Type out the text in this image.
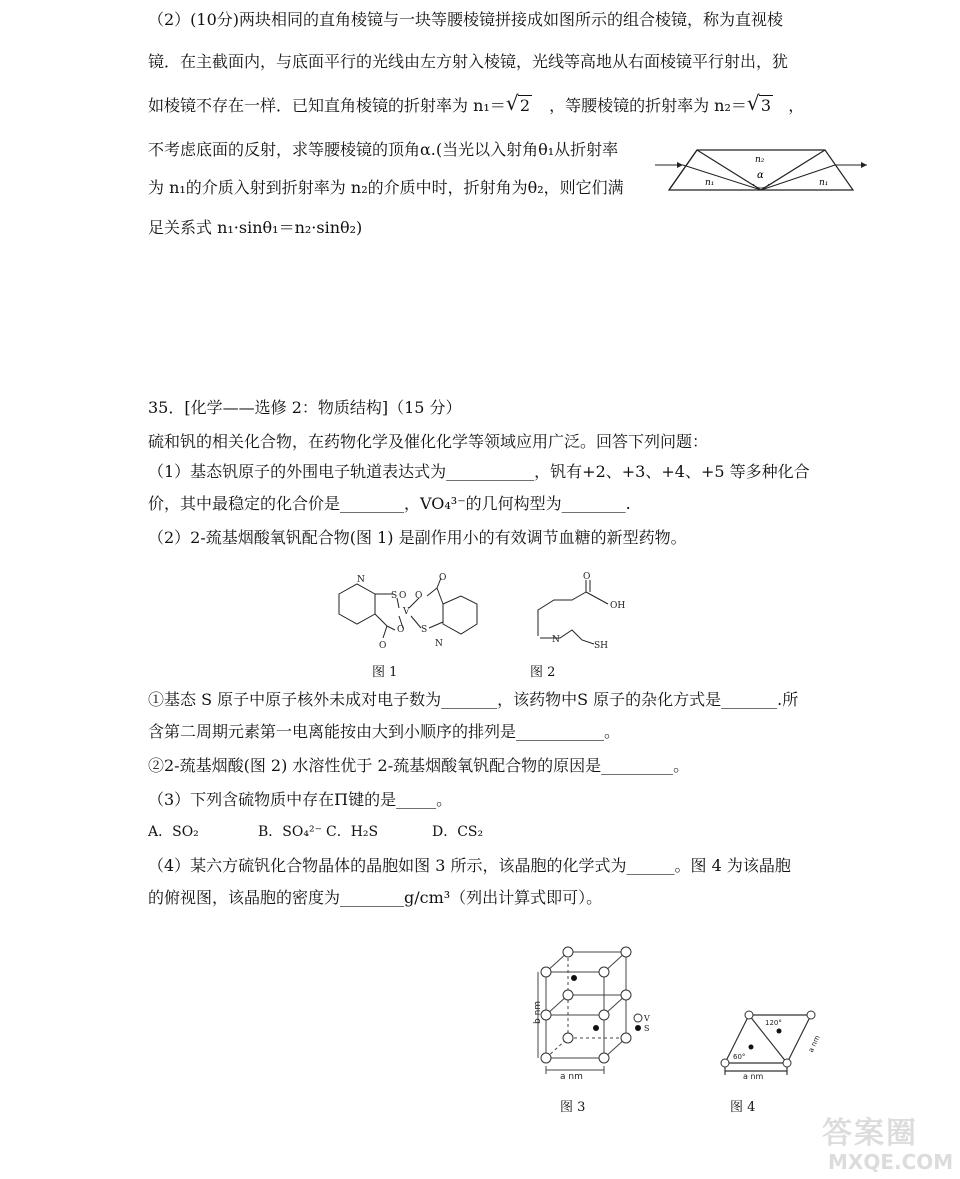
（2）(10分)两块相同的直角棱镜与一块等腰棱镜拼接成如图所示的组合棱镜，称为直视棱
镜．在主截面内，与底面平行的光线由左方射入棱镜，光线等高地从右面棱镜平行射出，犹
如棱镜不存在一样．已知直角棱镜的折射率为 n₁＝ √ 2 ，等腰棱镜的折射率为 n₂＝ √ 3 ，
不考虑底面的反射，求等腰棱镜的顶角α.(当光以入射角θ₁从折射率
为 n₁的介质入射到折射率为 n₂的介质中时，折射角为θ₂，则它们满
足关系式 n₁·sinθ₁＝n₂·sinθ₂)
n₁
n₂
α
n₁
35．[化学——选修 2：物质结构]（15 分）
硫和钒的相关化合物，在药物化学及催化化学等领域应用广泛。回答下列问题：
（1）基态钒原子的外围电子轨道表达式为___________，钒有+2、+3、+4、+5 等多种化合
价，其中最稳定的化合价是________，VO₄³⁻的几何构型为________.
（2）2-巯基烟酸氧钒配合物(图 1) 是副作用小的有效调节血糖的新型药物。
N
S O
V
O
O S
O
O
N
图 1
O
OH
N
SH
图 2
①基态 S 原子中原子核外未成对电子数为_______，该药物中S 原子的杂化方式是_______.所
含第二周期元素第一电离能按由大到小顺序的排列是___________。
②2-巯基烟酸(图 2) 水溶性优于 2-巯基烟酸氧钒配合物的原因是_________。
（3）下列含硫物质中存在Π键的是_____。
A．SO₂	B．SO₄²⁻ C．H₂S	D．CS₂
（4）某六方硫钒化合物晶体的晶胞如图 3 所示，该晶胞的化学式为______。图 4 为该晶胞
的俯视图，该晶胞的密度为________g/cm³（列出计算式即可）。
V
S
a nm
b nm
图 3
120°
60°
a nm
a nm
图 4
答案圈
MXQE.COM
